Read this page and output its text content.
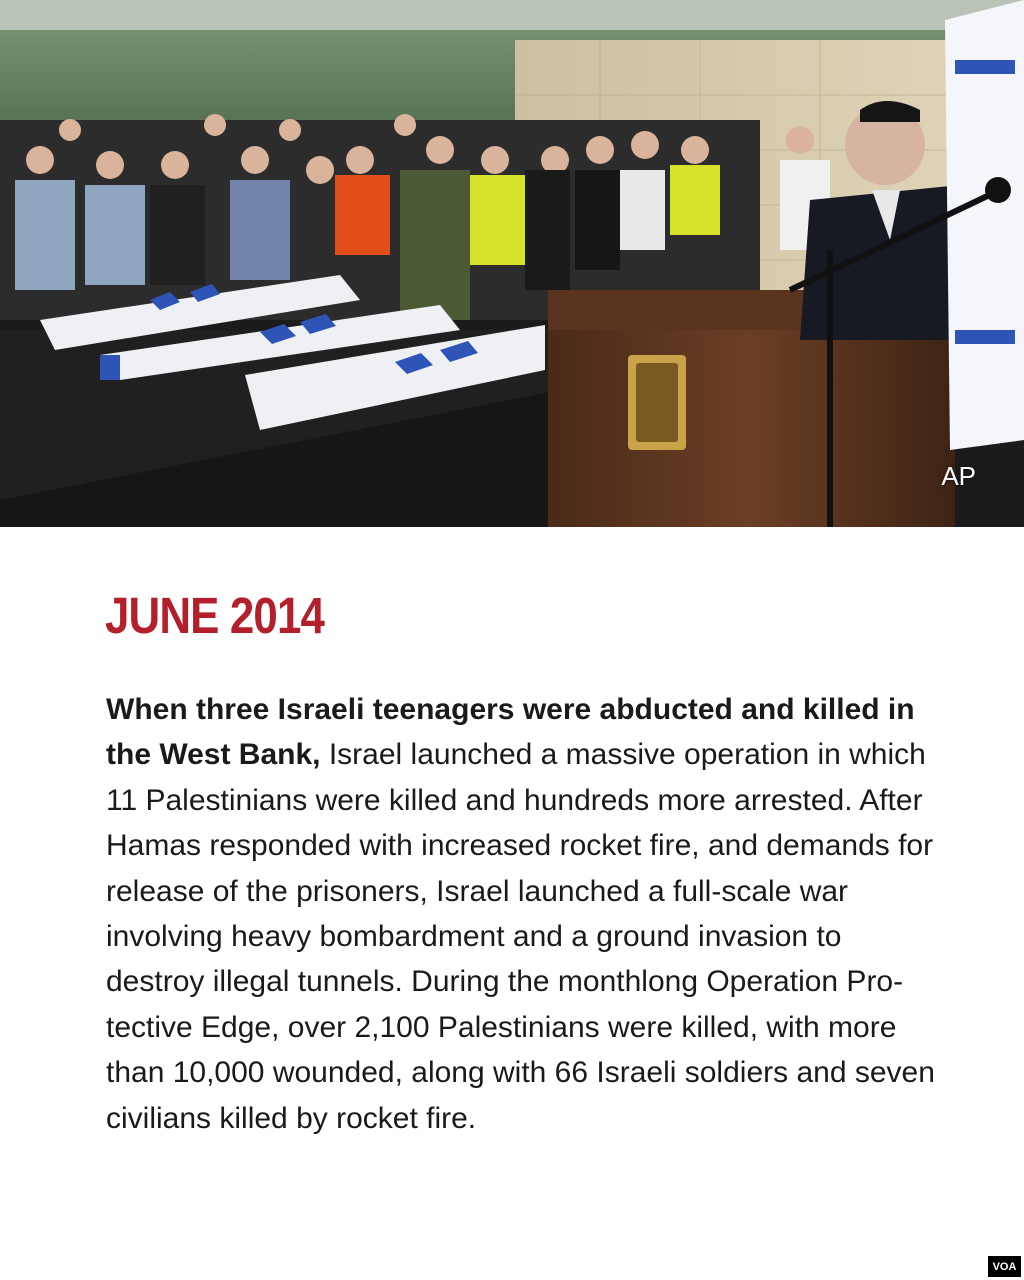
AP
JUNE 2014

When three Israeli teenagers were abducted and killed in the West Bank, Israel launched a massive operation in which 11 Palestinians were killed and hundreds more arrested. After Hamas responded with increased rocket fire, and demands for release of the prisoners, Israel launched a full-scale war involving heavy bombardment and a ground invasion to destroy illegal tunnels. During the monthlong Operation Protective Edge, over 2,100 Palestinians were killed, with more than 10,000 wounded, along with 66 Israeli soldiers and seven civilians killed by rocket fire.

VOA
